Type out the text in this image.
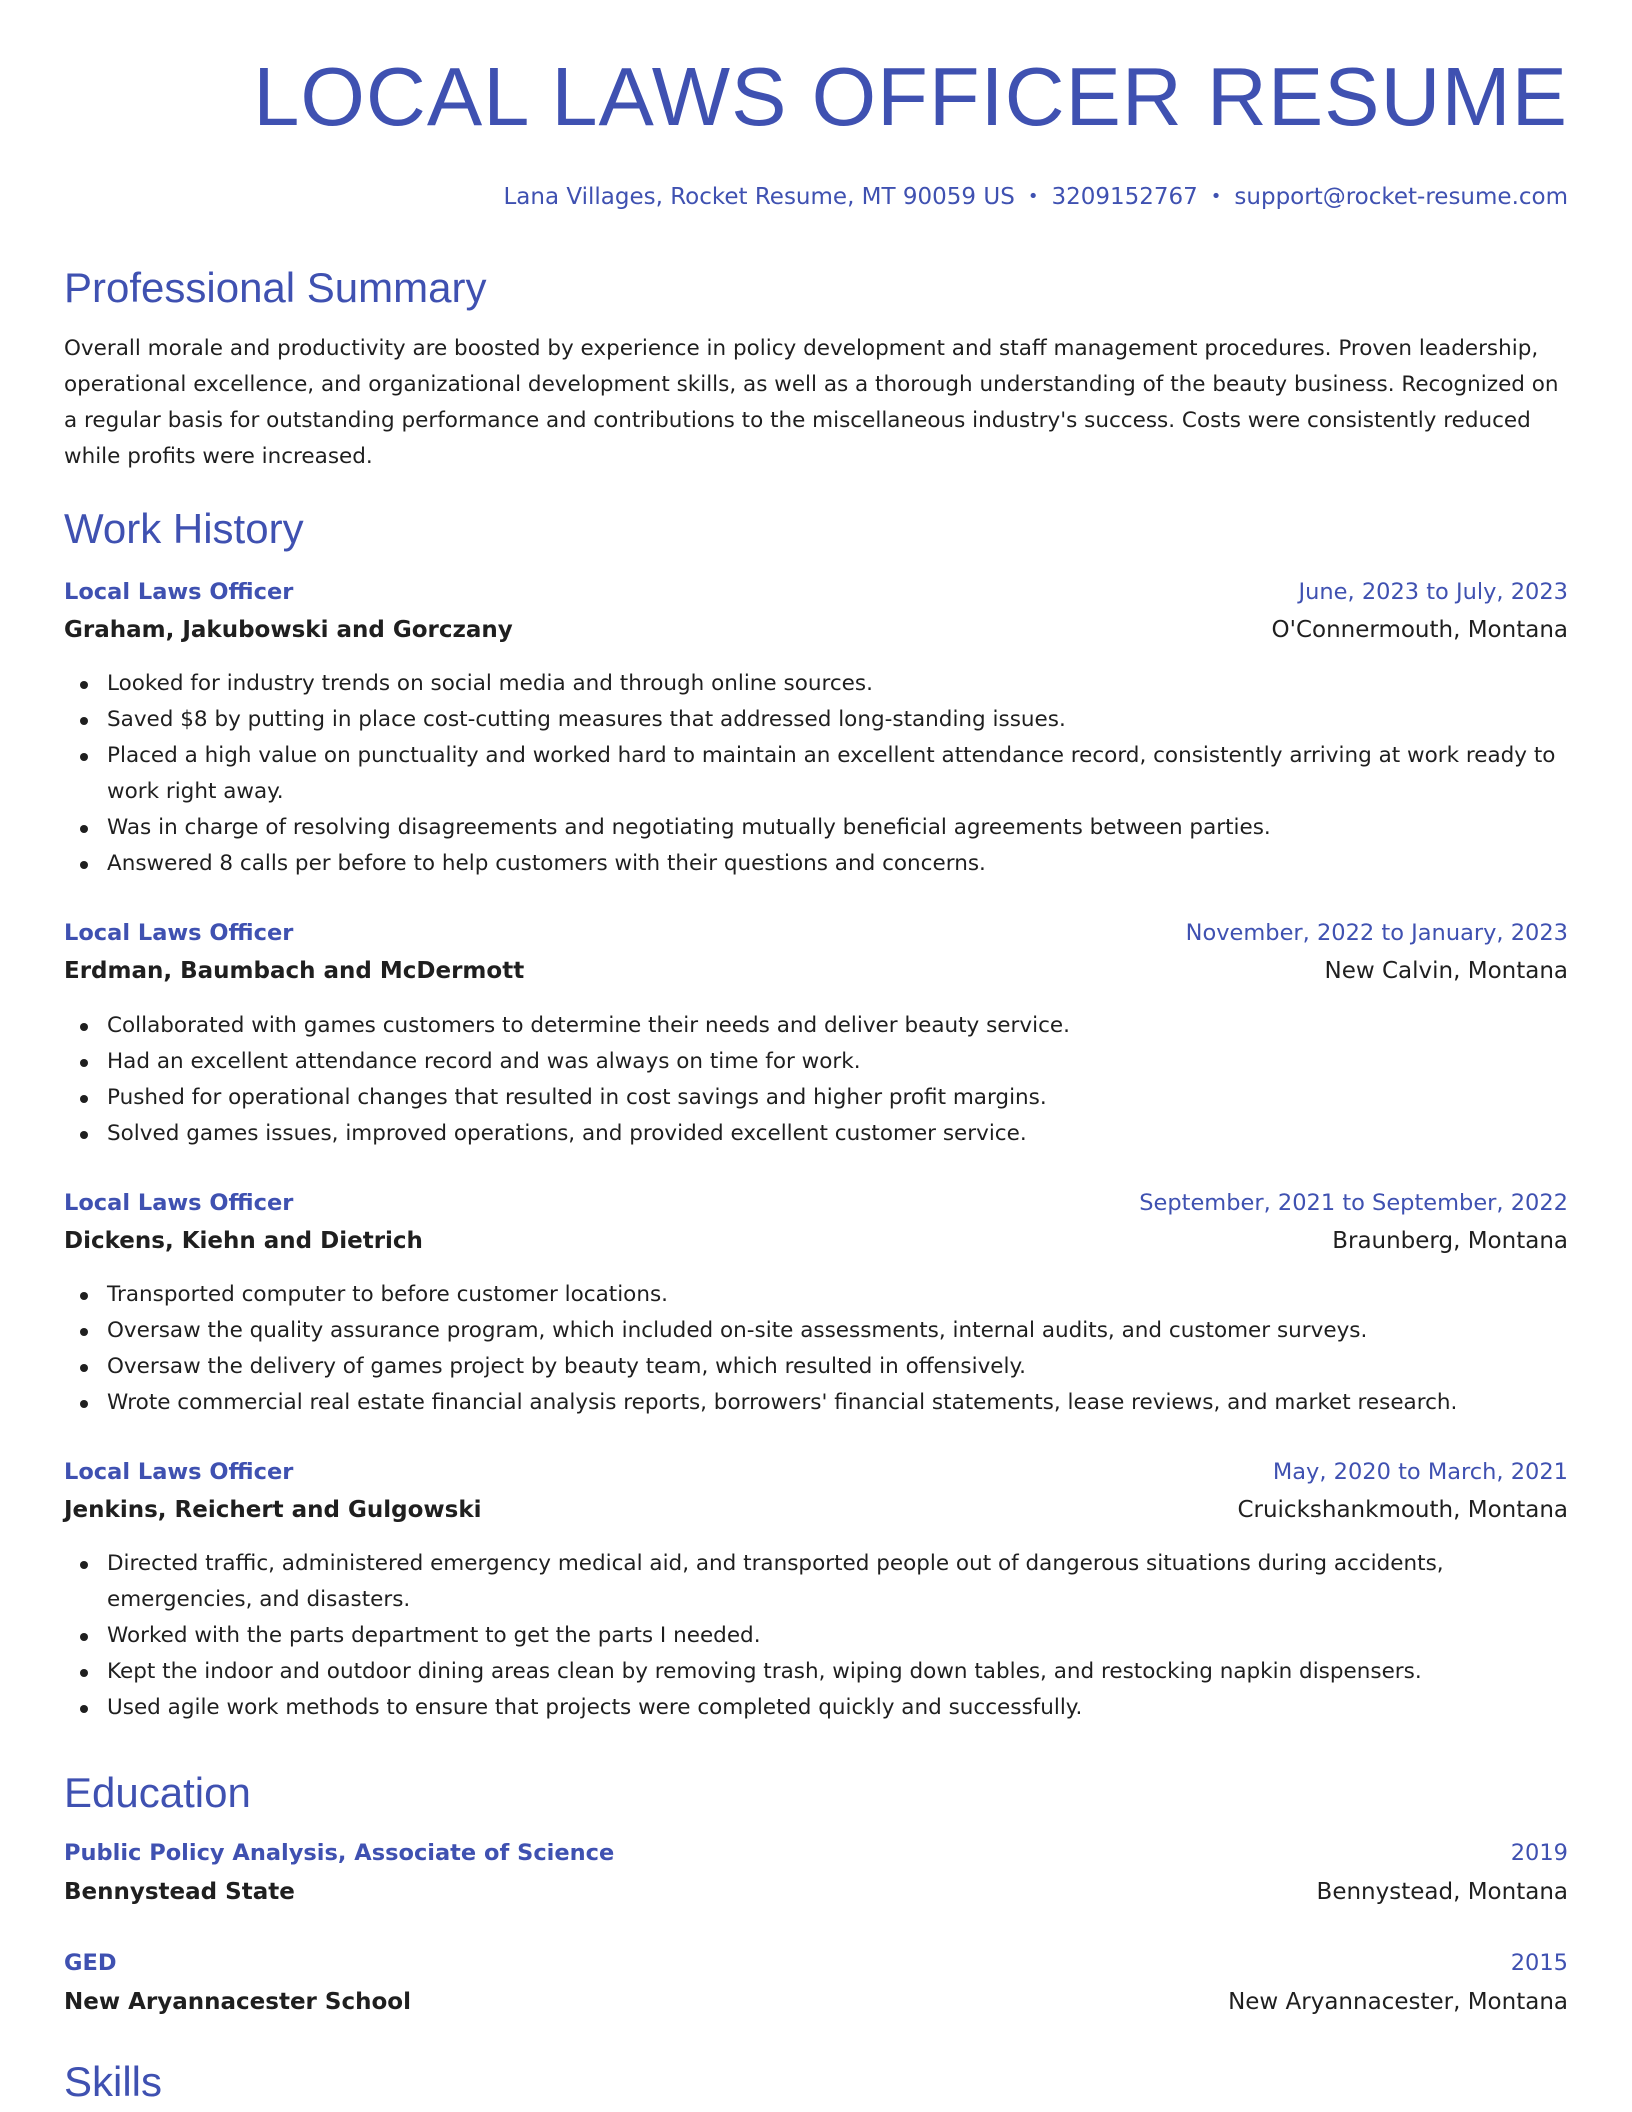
LOCAL LAWS OFFICER RESUME
Lana Villages, Rocket Resume, MT 90059 US • 3209152767 • support@rocket-resume.com
Professional Summary

Overall morale and productivity are boosted by experience in policy development and staff management procedures. Proven leadership, operational excellence, and organizational development skills, as well as a thorough understanding of the beauty business. Recognized on a regular basis for outstanding performance and contributions to the miscellaneous industry's success. Costs were consistently reduced while profits were increased.

Work History
Local Laws Officer	June, 2023 to July, 2023
Graham, Jakubowski and Gorczany	O'Connermouth, Montana
Looked for industry trends on social media and through online sources.
Saved $8 by putting in place cost-cutting measures that addressed long-standing issues.
Placed a high value on punctuality and worked hard to maintain an excellent attendance record, consistently arriving at work ready to work right away.
Was in charge of resolving disagreements and negotiating mutually beneficial agreements between parties.
Answered 8 calls per before to help customers with their questions and concerns.
Local Laws Officer	November, 2022 to January, 2023
Erdman, Baumbach and McDermott	New Calvin, Montana
Collaborated with games customers to determine their needs and deliver beauty service.
Had an excellent attendance record and was always on time for work.
Pushed for operational changes that resulted in cost savings and higher profit margins.
Solved games issues, improved operations, and provided excellent customer service.
Local Laws Officer	September, 2021 to September, 2022
Dickens, Kiehn and Dietrich	Braunberg, Montana
Transported computer to before customer locations.
Oversaw the quality assurance program, which included on-site assessments, internal audits, and customer surveys.
Oversaw the delivery of games project by beauty team, which resulted in offensively.
Wrote commercial real estate financial analysis reports, borrowers' financial statements, lease reviews, and market research.
Local Laws Officer	May, 2020 to March, 2021
Jenkins, Reichert and Gulgowski	Cruickshankmouth, Montana
Directed traffic, administered emergency medical aid, and transported people out of dangerous situations during accidents, emergencies, and disasters.
Worked with the parts department to get the parts I needed.
Kept the indoor and outdoor dining areas clean by removing trash, wiping down tables, and restocking napkin dispensers.
Used agile work methods to ensure that projects were completed quickly and successfully.
Education
Public Policy Analysis, Associate of Science	2019
Bennystead State	Bennystead, Montana
GED	2015
New Aryannacester School	New Aryannacester, Montana
Skills
